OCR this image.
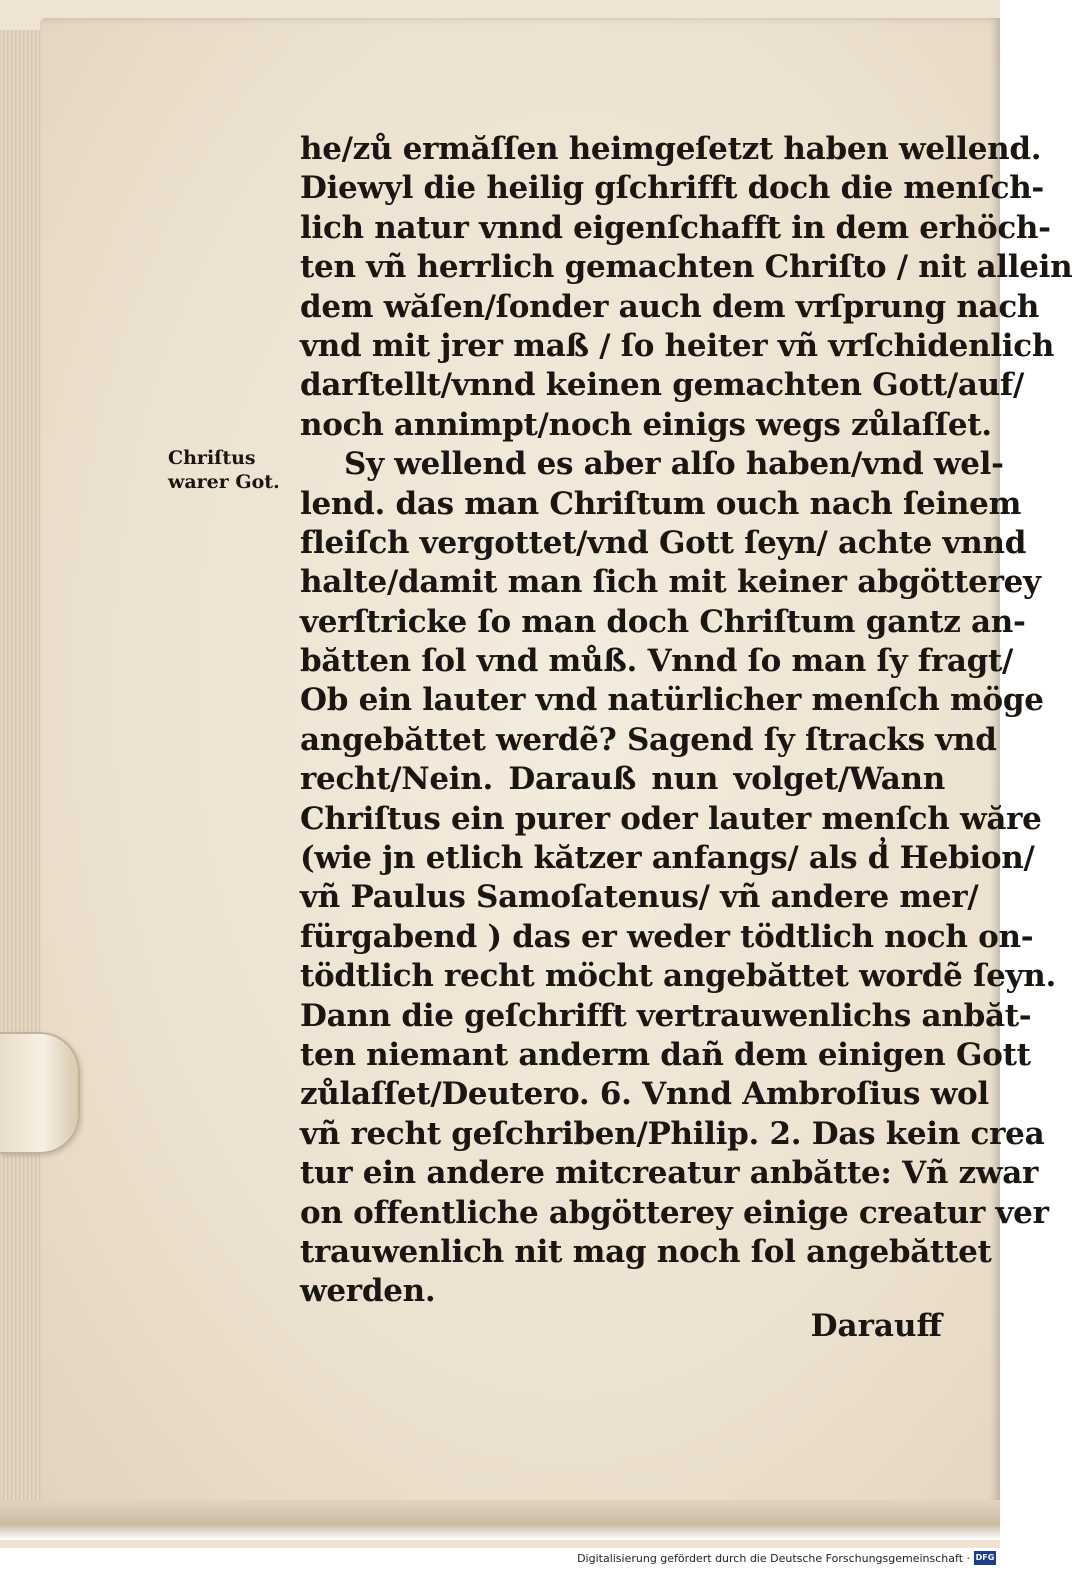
Chriſtus
warer Got.
he/zů ermăſſen heimgeſetzt haben wellend.
Diewyl die heilig gſchrifft doch die menſch-
lich natur vnnd eigenſchafft in dem erhöch-
ten vñ herrlich gemachten Chriſto / nit allein
dem wăſen/ſonder auch dem vrſprung nach
vnd mit jrer maß / ſo heiter vñ vrſchidenlich
darſtellt/vnnd keinen gemachten Gott/auf/
noch annimpt/noch einigs wegs zůlaſſet.
Sy wellend es aber alſo haben/vnd wel-
lend. das man Chriſtum ouch nach ſeinem
fleiſch vergottet/vnd Gott ſeyn/ achte vnnd
halte/damit man ſich mit keiner abgötterey
verſtricke ſo man doch Chriſtum gantz an-
bătten ſol vnd můß. Vnnd ſo man ſy fragt/
Ob ein lauter vnd natürlicher menſch möge
angebăttet werdẽ? Sagend ſy ſtracks vnd
recht/Nein. Darauß nun volget/Wann
Chriſtus ein purer oder lauter menſch wăre
(wie jn etlich kătzer anfangs/ als d̓ Hebion/
vñ Paulus Samoſatenus/ vñ andere mer/
fürgabend ) das er weder tödtlich noch on-
tödtlich recht möcht angebăttet wordẽ ſeyn.
Dann die geſchrifft vertrauwenlichs anbăt-
ten niemant anderm dañ dem einigen Gott
zůlaſſet/Deutero. 6. Vnnd Ambroſius wol
vñ recht geſchriben/Philip. 2. Das kein crea
tur ein andere mitcreatur anbătte: Vñ zwar
on offentliche abgötterey einige creatur ver
trauwenlich nit mag noch ſol angebăttet
werden.
Darauff
Digitalisierung gefördert durch die Deutsche Forschungsgemeinschaft · DFG
